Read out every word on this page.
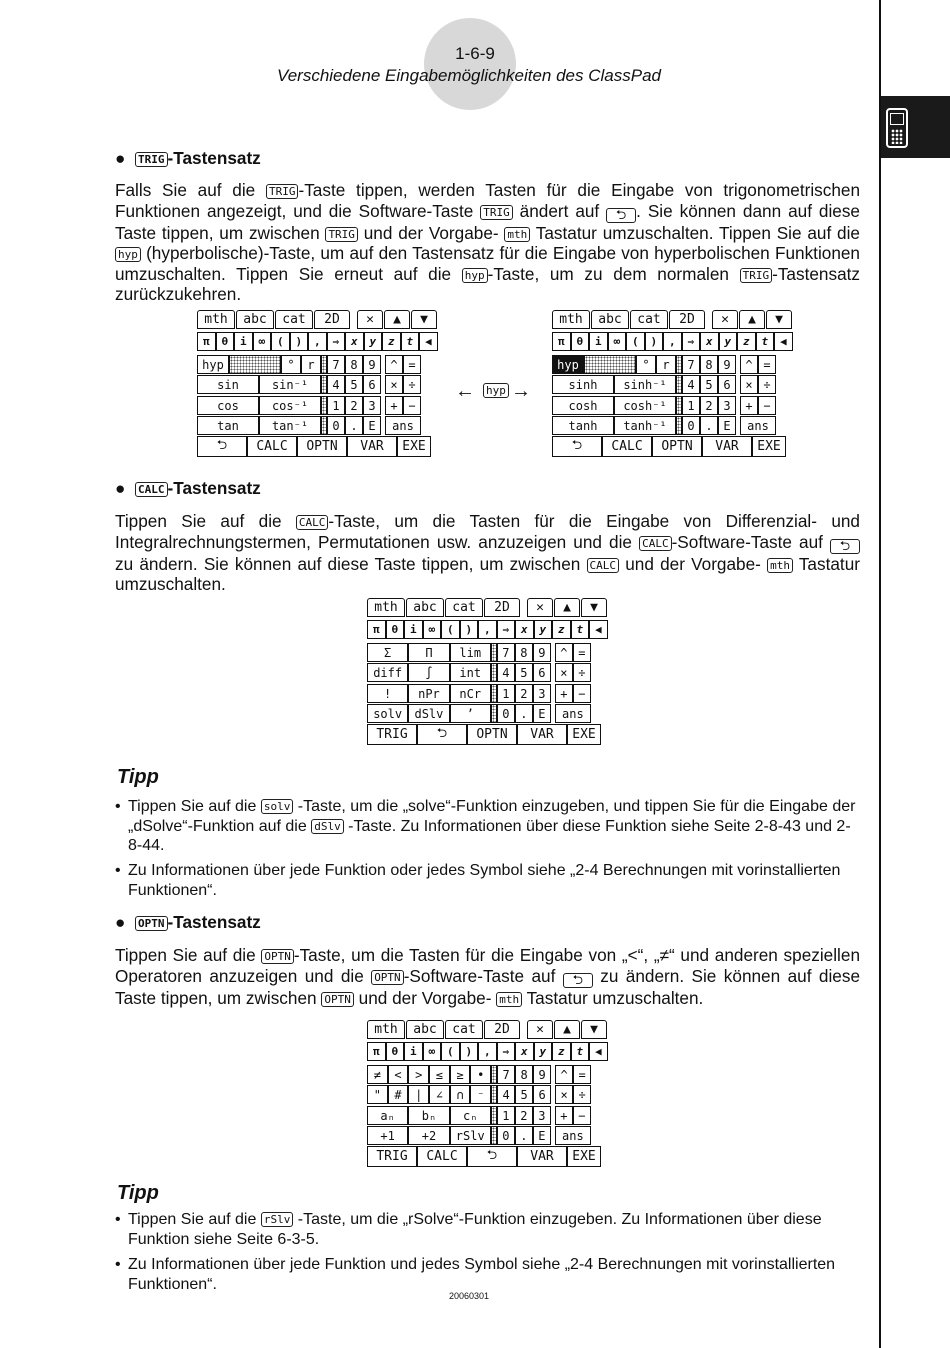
1-6-9
Verschiedene Eingabemöglichkeiten des ClassPad
● TRIG -Tastensatz
Falls Sie auf die TRIG -Taste tippen, werden Tasten für die Eingabe von trigonometrischen Funktionen angezeigt, und die Software-Taste TRIG ändert auf ⮌ . Sie können dann auf diese Taste tippen, um zwischen TRIG und der Vorgabe- mth Tastatur umzuschalten. Tippen Sie auf die hyp (hyperbolische)-Taste, um auf den Tastensatz für die Eingabe von hyperbolischen Funktionen umzuschalten. Tippen Sie erneut auf die hyp -Taste, um zu dem normalen TRIG -Tastensatz zurückzukehren.
mth	abc	cat	2D	✕	▲	▼
π	θ	i	∞	(	)	,	⇒	x	y	z	t	◀
hyp	°	r	7 8 9	^ =
sin	sin⁻¹	4 5 6	× ÷
cos	cos⁻¹	1 2 3	+ −
tan	tan⁻¹	0 . E	ans
⮌	CALC	OPTN	VAR	EXE
← hyp →
mth	abc	cat	2D	✕	▲	▼
π	θ	i	∞	(	)	,	⇒	x	y	z	t	◀
hyp	°	r	7 8 9	^ =
sinh	sinh⁻¹	4 5 6	× ÷
cosh	cosh⁻¹	1 2 3	+ −
tanh	tanh⁻¹	0 . E	ans
⮌	CALC	OPTN	VAR	EXE
● CALC -Tastensatz
Tippen Sie auf die CALC -Taste, um die Tasten für die Eingabe von Differenzial- und Integralrechnungstermen, Permutationen usw. anzuzeigen und die CALC -Software-Taste auf ⮌ zu ändern. Sie können auf diese Taste tippen, um zwischen CALC und der Vorgabe- mth Tastatur umzuschalten.
mth	abc	cat	2D	✕	▲	▼
π	θ	i	∞	(	)	,	⇒	x	y	z	t	◀
Σ	Π	lim	7 8 9	^ =
diff	∫	int	4 5 6	× ÷
!	nPr	nCr	1 2 3	+ −
solv	dSlv	’	0 . E	ans
TRIG	⮌	OPTN	VAR	EXE
Tipp
• Tippen Sie auf die solv -Taste, um die „solve“-Funktion einzugeben, und tippen Sie für die Eingabe der „dSolve“-Funktion auf die dSlv -Taste. Zu Informationen über diese Funktion siehe Seite 2-8-43 und 2-8-44.
• Zu Informationen über jede Funktion oder jedes Symbol siehe „2-4 Berechnungen mit vorinstallierten Funktionen“.
● OPTN -Tastensatz
Tippen Sie auf die OPTN -Taste, um die Tasten für die Eingabe von „<“, „≠“ und anderen speziellen Operatoren anzuzeigen und die OPTN -Software-Taste auf ⮌ zu ändern. Sie können auf diese Taste tippen, um zwischen OPTN und der Vorgabe- mth Tastatur umzuschalten.
mth	abc	cat	2D	✕	▲	▼
π	θ	i	∞	(	)	,	⇒	x	y	z	t	◀
≠	<	>	≤	≥	•	7 8 9	^ =
"	#	|	∠	∩	⁻	4 5 6	× ÷
aₙ	bₙ	cₙ	1 2 3	+ −
+1	+2	rSlv	0 . E	ans
TRIG	CALC	⮌	VAR	EXE
Tipp
• Tippen Sie auf die rSlv -Taste, um die „rSolve“-Funktion einzugeben. Zu Informationen über diese Funktion siehe Seite 6-3-5.
• Zu Informationen über jede Funktion und jedes Symbol siehe „2-4 Berechnungen mit vorinstallierten Funktionen“.
20060301
